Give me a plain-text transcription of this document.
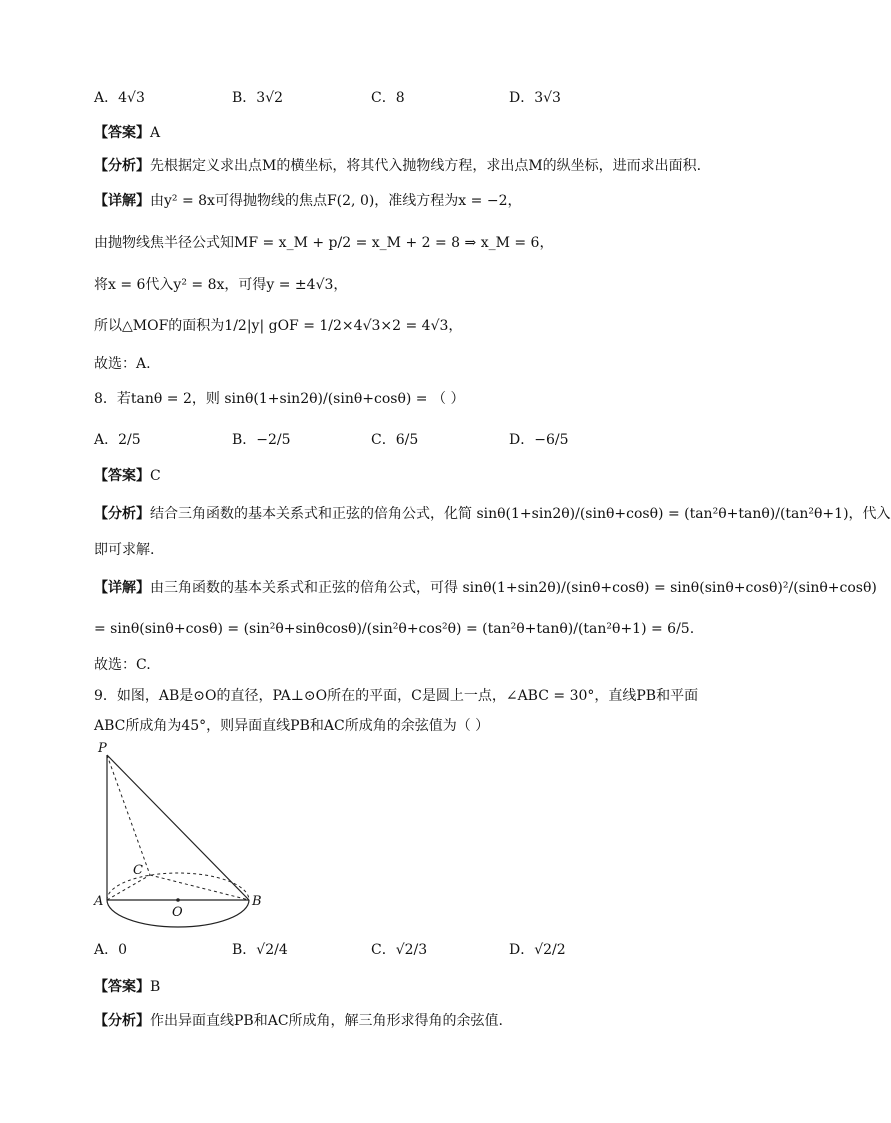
A．4√3	B．3√2	C．8	D．3√3
【答案】A
【分析】先根据定义求出点M的横坐标，将其代入抛物线方程，求出点M的纵坐标，进而求出面积.
【详解】由y² = 8x可得抛物线的焦点F(2, 0)，准线方程为x = −2，
由抛物线焦半径公式知MF = x_M + p/2 = x_M + 2 = 8 ⇒ x_M = 6，
将x = 6代入y² = 8x，可得y = ±4√3，
所以△MOF的面积为1/2|y| gOF = 1/2×4√3×2 = 4√3，
故选：A.
8．若tanθ = 2，则 sinθ(1+sin2θ)/(sinθ+cosθ) = （ ）
A．2/5	B．−2/5	C．6/5	D．−6/5
【答案】C
【分析】结合三角函数的基本关系式和正弦的倍角公式，化简 sinθ(1+sin2θ)/(sinθ+cosθ) = (tan²θ+tanθ)/(tan²θ+1)，代入
即可求解.
【详解】由三角函数的基本关系式和正弦的倍角公式，可得 sinθ(1+sin2θ)/(sinθ+cosθ) = sinθ(sinθ+cosθ)²/(sinθ+cosθ)
= sinθ(sinθ+cosθ) = (sin²θ+sinθcosθ)/(sin²θ+cos²θ) = (tan²θ+tanθ)/(tan²θ+1) = 6/5.
故选：C.
9．如图，AB是⊙O的直径，PA⊥⊙O所在的平面，C是圆上一点，∠ABC = 30°，直线PB和平面
ABC所成角为45°，则异面直线PB和AC所成角的余弦值为（ ）
P
A	B
C
O
A．0	B．√2/4	C．√2/3	D．√2/2
【答案】B
【分析】作出异面直线PB和AC所成角，解三角形求得角的余弦值.
